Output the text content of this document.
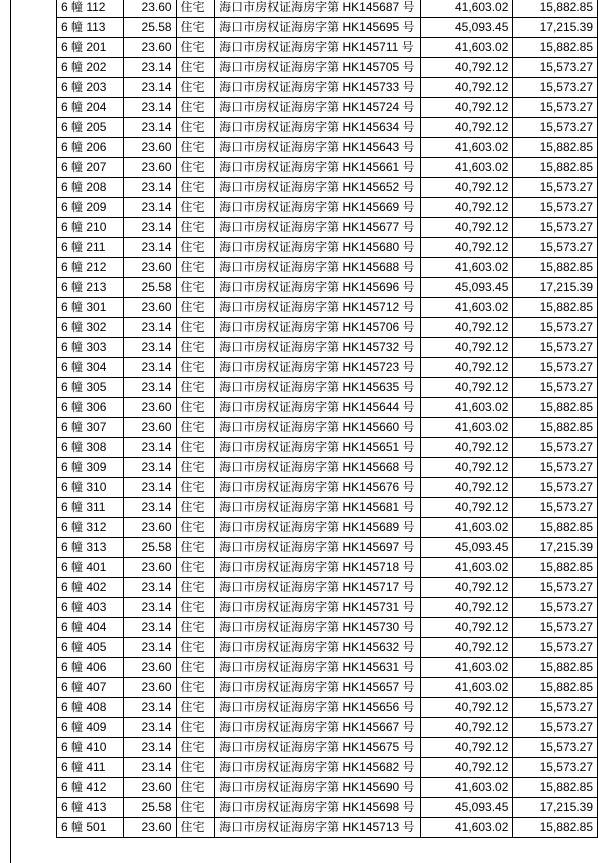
6 幢 112	23.60	住宅	海口市房权证海房字第 HK145687 号	41,603.02	15,882.85
6 幢 113	25.58	住宅	海口市房权证海房字第 HK145695 号	45,093.45	17,215.39
6 幢 201	23.60	住宅	海口市房权证海房字第 HK145711 号	41,603.02	15,882.85
6 幢 202	23.14	住宅	海口市房权证海房字第 HK145705 号	40,792.12	15,573.27
6 幢 203	23.14	住宅	海口市房权证海房字第 HK145733 号	40,792.12	15,573.27
6 幢 204	23.14	住宅	海口市房权证海房字第 HK145724 号	40,792.12	15,573.27
6 幢 205	23.14	住宅	海口市房权证海房字第 HK145634 号	40,792.12	15,573.27
6 幢 206	23.60	住宅	海口市房权证海房字第 HK145643 号	41,603.02	15,882.85
6 幢 207	23.60	住宅	海口市房权证海房字第 HK145661 号	41,603.02	15,882.85
6 幢 208	23.14	住宅	海口市房权证海房字第 HK145652 号	40,792.12	15,573.27
6 幢 209	23.14	住宅	海口市房权证海房字第 HK145669 号	40,792.12	15,573.27
6 幢 210	23.14	住宅	海口市房权证海房字第 HK145677 号	40,792.12	15,573.27
6 幢 211	23.14	住宅	海口市房权证海房字第 HK145680 号	40,792.12	15,573.27
6 幢 212	23.60	住宅	海口市房权证海房字第 HK145688 号	41,603.02	15,882.85
6 幢 213	25.58	住宅	海口市房权证海房字第 HK145696 号	45,093.45	17,215.39
6 幢 301	23.60	住宅	海口市房权证海房字第 HK145712 号	41,603.02	15,882.85
6 幢 302	23.14	住宅	海口市房权证海房字第 HK145706 号	40,792.12	15,573.27
6 幢 303	23.14	住宅	海口市房权证海房字第 HK145732 号	40,792.12	15,573.27
6 幢 304	23.14	住宅	海口市房权证海房字第 HK145723 号	40,792.12	15,573.27
6 幢 305	23.14	住宅	海口市房权证海房字第 HK145635 号	40,792.12	15,573.27
6 幢 306	23.60	住宅	海口市房权证海房字第 HK145644 号	41,603.02	15,882.85
6 幢 307	23.60	住宅	海口市房权证海房字第 HK145660 号	41,603.02	15,882.85
6 幢 308	23.14	住宅	海口市房权证海房字第 HK145651 号	40,792.12	15,573.27
6 幢 309	23.14	住宅	海口市房权证海房字第 HK145668 号	40,792.12	15,573.27
6 幢 310	23.14	住宅	海口市房权证海房字第 HK145676 号	40,792.12	15,573.27
6 幢 311	23.14	住宅	海口市房权证海房字第 HK145681 号	40,792.12	15,573.27
6 幢 312	23.60	住宅	海口市房权证海房字第 HK145689 号	41,603.02	15,882.85
6 幢 313	25.58	住宅	海口市房权证海房字第 HK145697 号	45,093.45	17,215.39
6 幢 401	23.60	住宅	海口市房权证海房字第 HK145718 号	41,603.02	15,882.85
6 幢 402	23.14	住宅	海口市房权证海房字第 HK145717 号	40,792.12	15,573.27
6 幢 403	23.14	住宅	海口市房权证海房字第 HK145731 号	40,792.12	15,573.27
6 幢 404	23.14	住宅	海口市房权证海房字第 HK145730 号	40,792.12	15,573.27
6 幢 405	23.14	住宅	海口市房权证海房字第 HK145632 号	40,792.12	15,573.27
6 幢 406	23.60	住宅	海口市房权证海房字第 HK145631 号	41,603.02	15,882.85
6 幢 407	23.60	住宅	海口市房权证海房字第 HK145657 号	41,603.02	15,882.85
6 幢 408	23.14	住宅	海口市房权证海房字第 HK145656 号	40,792.12	15,573.27
6 幢 409	23.14	住宅	海口市房权证海房字第 HK145667 号	40,792.12	15,573.27
6 幢 410	23.14	住宅	海口市房权证海房字第 HK145675 号	40,792.12	15,573.27
6 幢 411	23.14	住宅	海口市房权证海房字第 HK145682 号	40,792.12	15,573.27
6 幢 412	23.60	住宅	海口市房权证海房字第 HK145690 号	41,603.02	15,882.85
6 幢 413	25.58	住宅	海口市房权证海房字第 HK145698 号	45,093.45	17,215.39
6 幢 501	23.60	住宅	海口市房权证海房字第 HK145713 号	41,603.02	15,882.85
